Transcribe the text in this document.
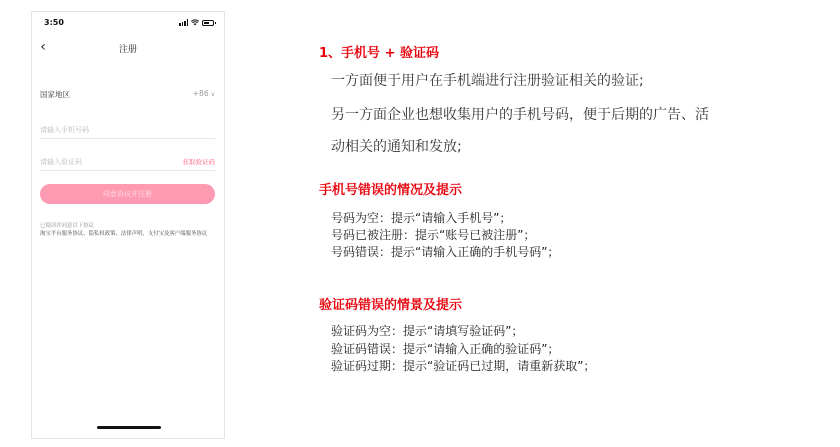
3:50
‹	注册
国家地区	+86 ∨
请输入手机号码
请输入验证码	获取验证码
同意协议并注册
已阅读并同意以下协议
淘宝平台服务协议、隐私权政策、法律声明、支付宝及客户端服务协议
1、手机号 + 验证码
一方面便于用户在手机端进行注册验证相关的验证;
另一方面企业也想收集用户的手机号码，便于后期的广告、活
动相关的通知和发放;
手机号错误的情况及提示
号码为空：提示“请输入手机号”；
号码已被注册：提示“账号已被注册”；
号码错误：提示“请输入正确的手机号码”；
验证码错误的情景及提示
验证码为空：提示“请填写验证码”；
验证码错误：提示“请输入正确的验证码”；
验证码过期：提示“验证码已过期，请重新获取”；
